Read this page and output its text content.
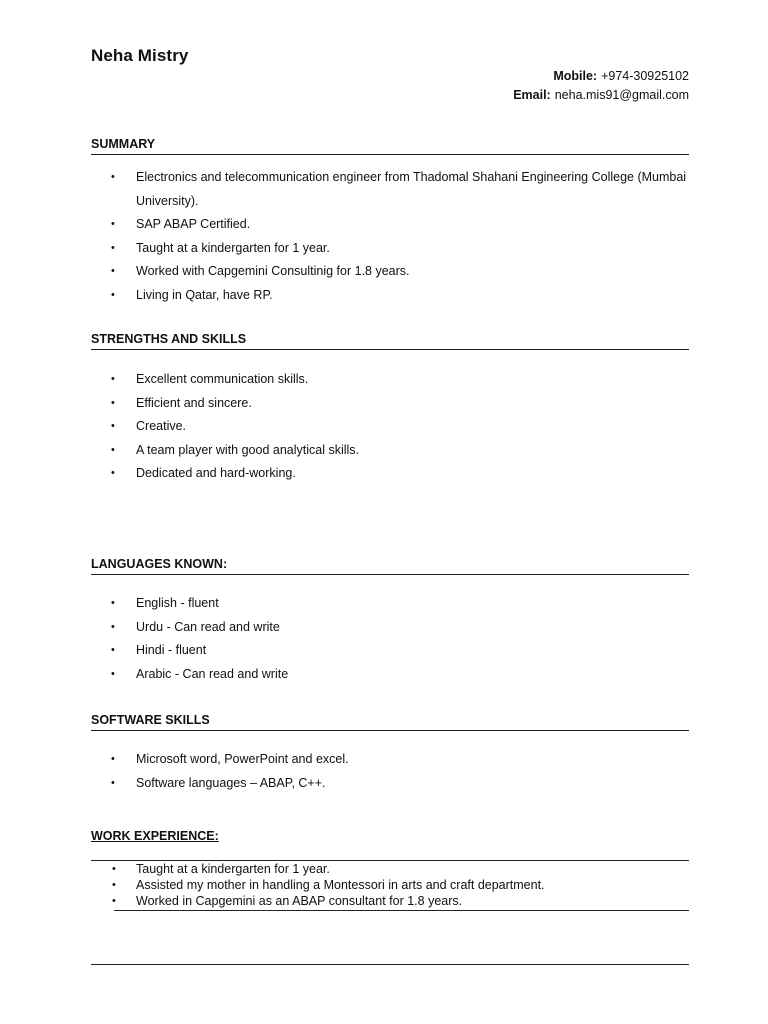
Neha Mistry
Mobile: +974-30925102
Email: neha.mis91@gmail.com
SUMMARY
• Electronics and telecommunication engineer from Thadomal Shahani Engineering College (Mumbai University).
• SAP ABAP Certified.
• Taught at a kindergarten for 1 year.
• Worked with Capgemini Consultinig for 1.8 years.
• Living in Qatar, have RP.
STRENGTHS AND SKILLS
• Excellent communication skills.
• Efficient and sincere.
• Creative.
• A team player with good analytical skills.
• Dedicated and hard-working.
LANGUAGES KNOWN:
• English - fluent
• Urdu - Can read and write
• Hindi - fluent
• Arabic - Can read and write
SOFTWARE SKILLS
• Microsoft word, PowerPoint and excel.
• Software languages – ABAP, C++.
WORK EXPERIENCE:
• Taught at a kindergarten for 1 year.
• Assisted my mother in handling a Montessori in arts and craft department.
• Worked in Capgemini as an ABAP consultant for 1.8 years.
